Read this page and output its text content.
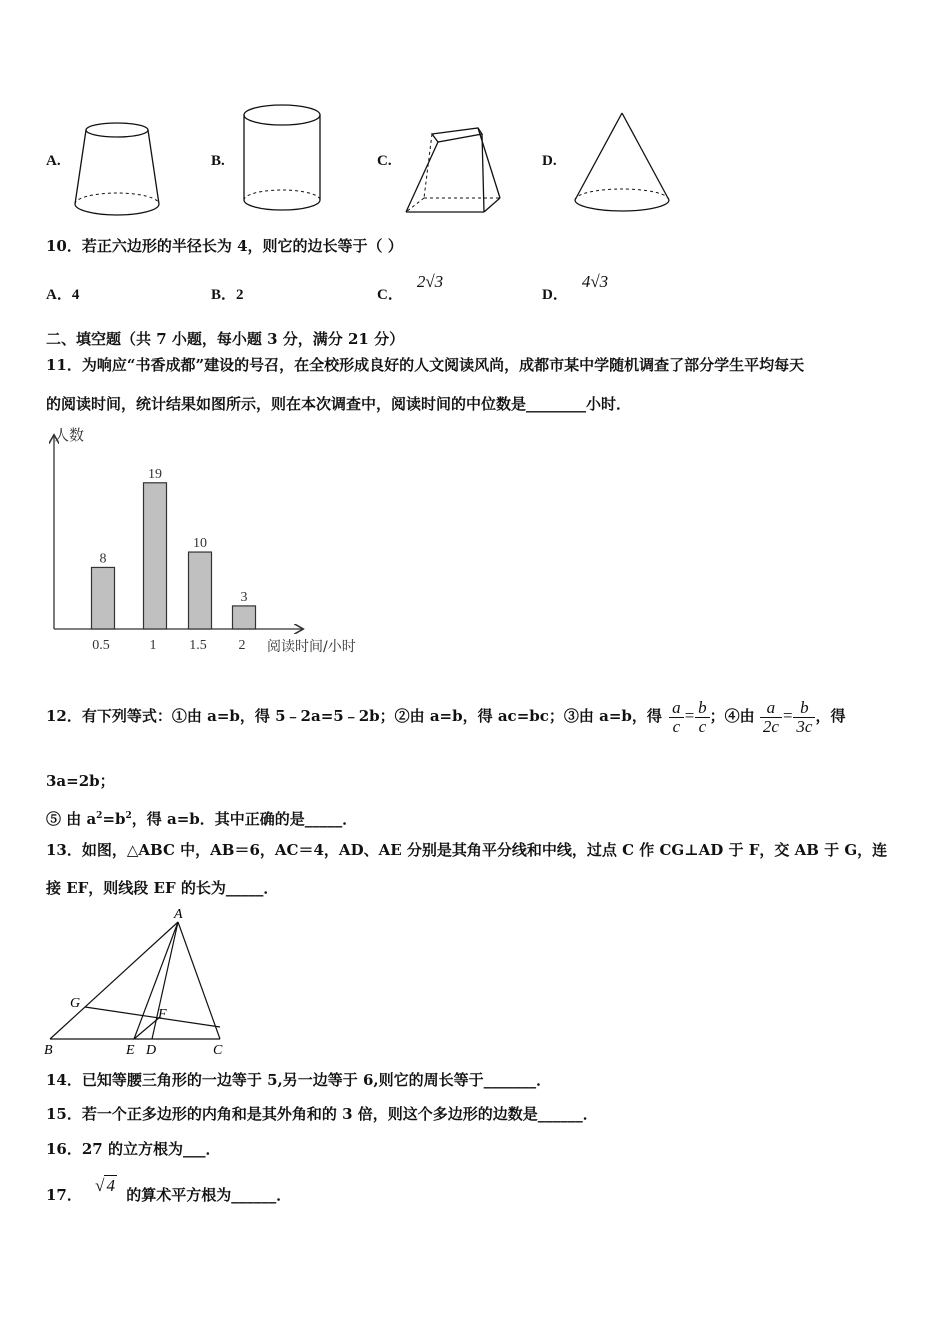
A.	B.	C.	D.
10．若正六边形的半径长为 4，则它的边长等于（ ）
A．4	B．2	C．2√3
D．4√3
二、填空题（共 7 小题，每小题 3 分，满分 21 分）
11．为响应“书香成都”建设的号召，在全校形成良好的人文阅读风尚，成都市某中学随机调查了部分学生平均每天
的阅读时间，统计结果如图所示，则在本次调查中，阅读时间的中位数是________小时．
人数
阅读时间/小时
8
0.5
19
1
10
1.5
3
2
12．有下列等式：①由 a=b，得 5﹣2a=5﹣2b；②由 a=b，得 ac=bc；③由 a=b，得 $\frac{a}{c} = \frac{b}{c}$ ；④由 $\frac{a}{2c} = \frac{b}{3c}$ ，得
3a=2b；
⑤ 由 $a^2=b^2$，得 a=b．其中正确的是_____．
13．如图，△ABC 中，AB＝6，AC＝4，AD、AE 分别是其角平分线和中线，过点 C 作 CG⊥AD 于 F，交 AB 于 G，连
接 EF，则线段 EF 的长为_____．
A
B	C
D
E
F
G
14．已知等腰三角形的一边等于 5,另一边等于 6,则它的周长等于_______．
15．若一个正多边形的内角和是其外角和的 3 倍，则这个多边形的边数是______．
16．27 的立方根为___．
17． √ 4 的算术平方根为______．
